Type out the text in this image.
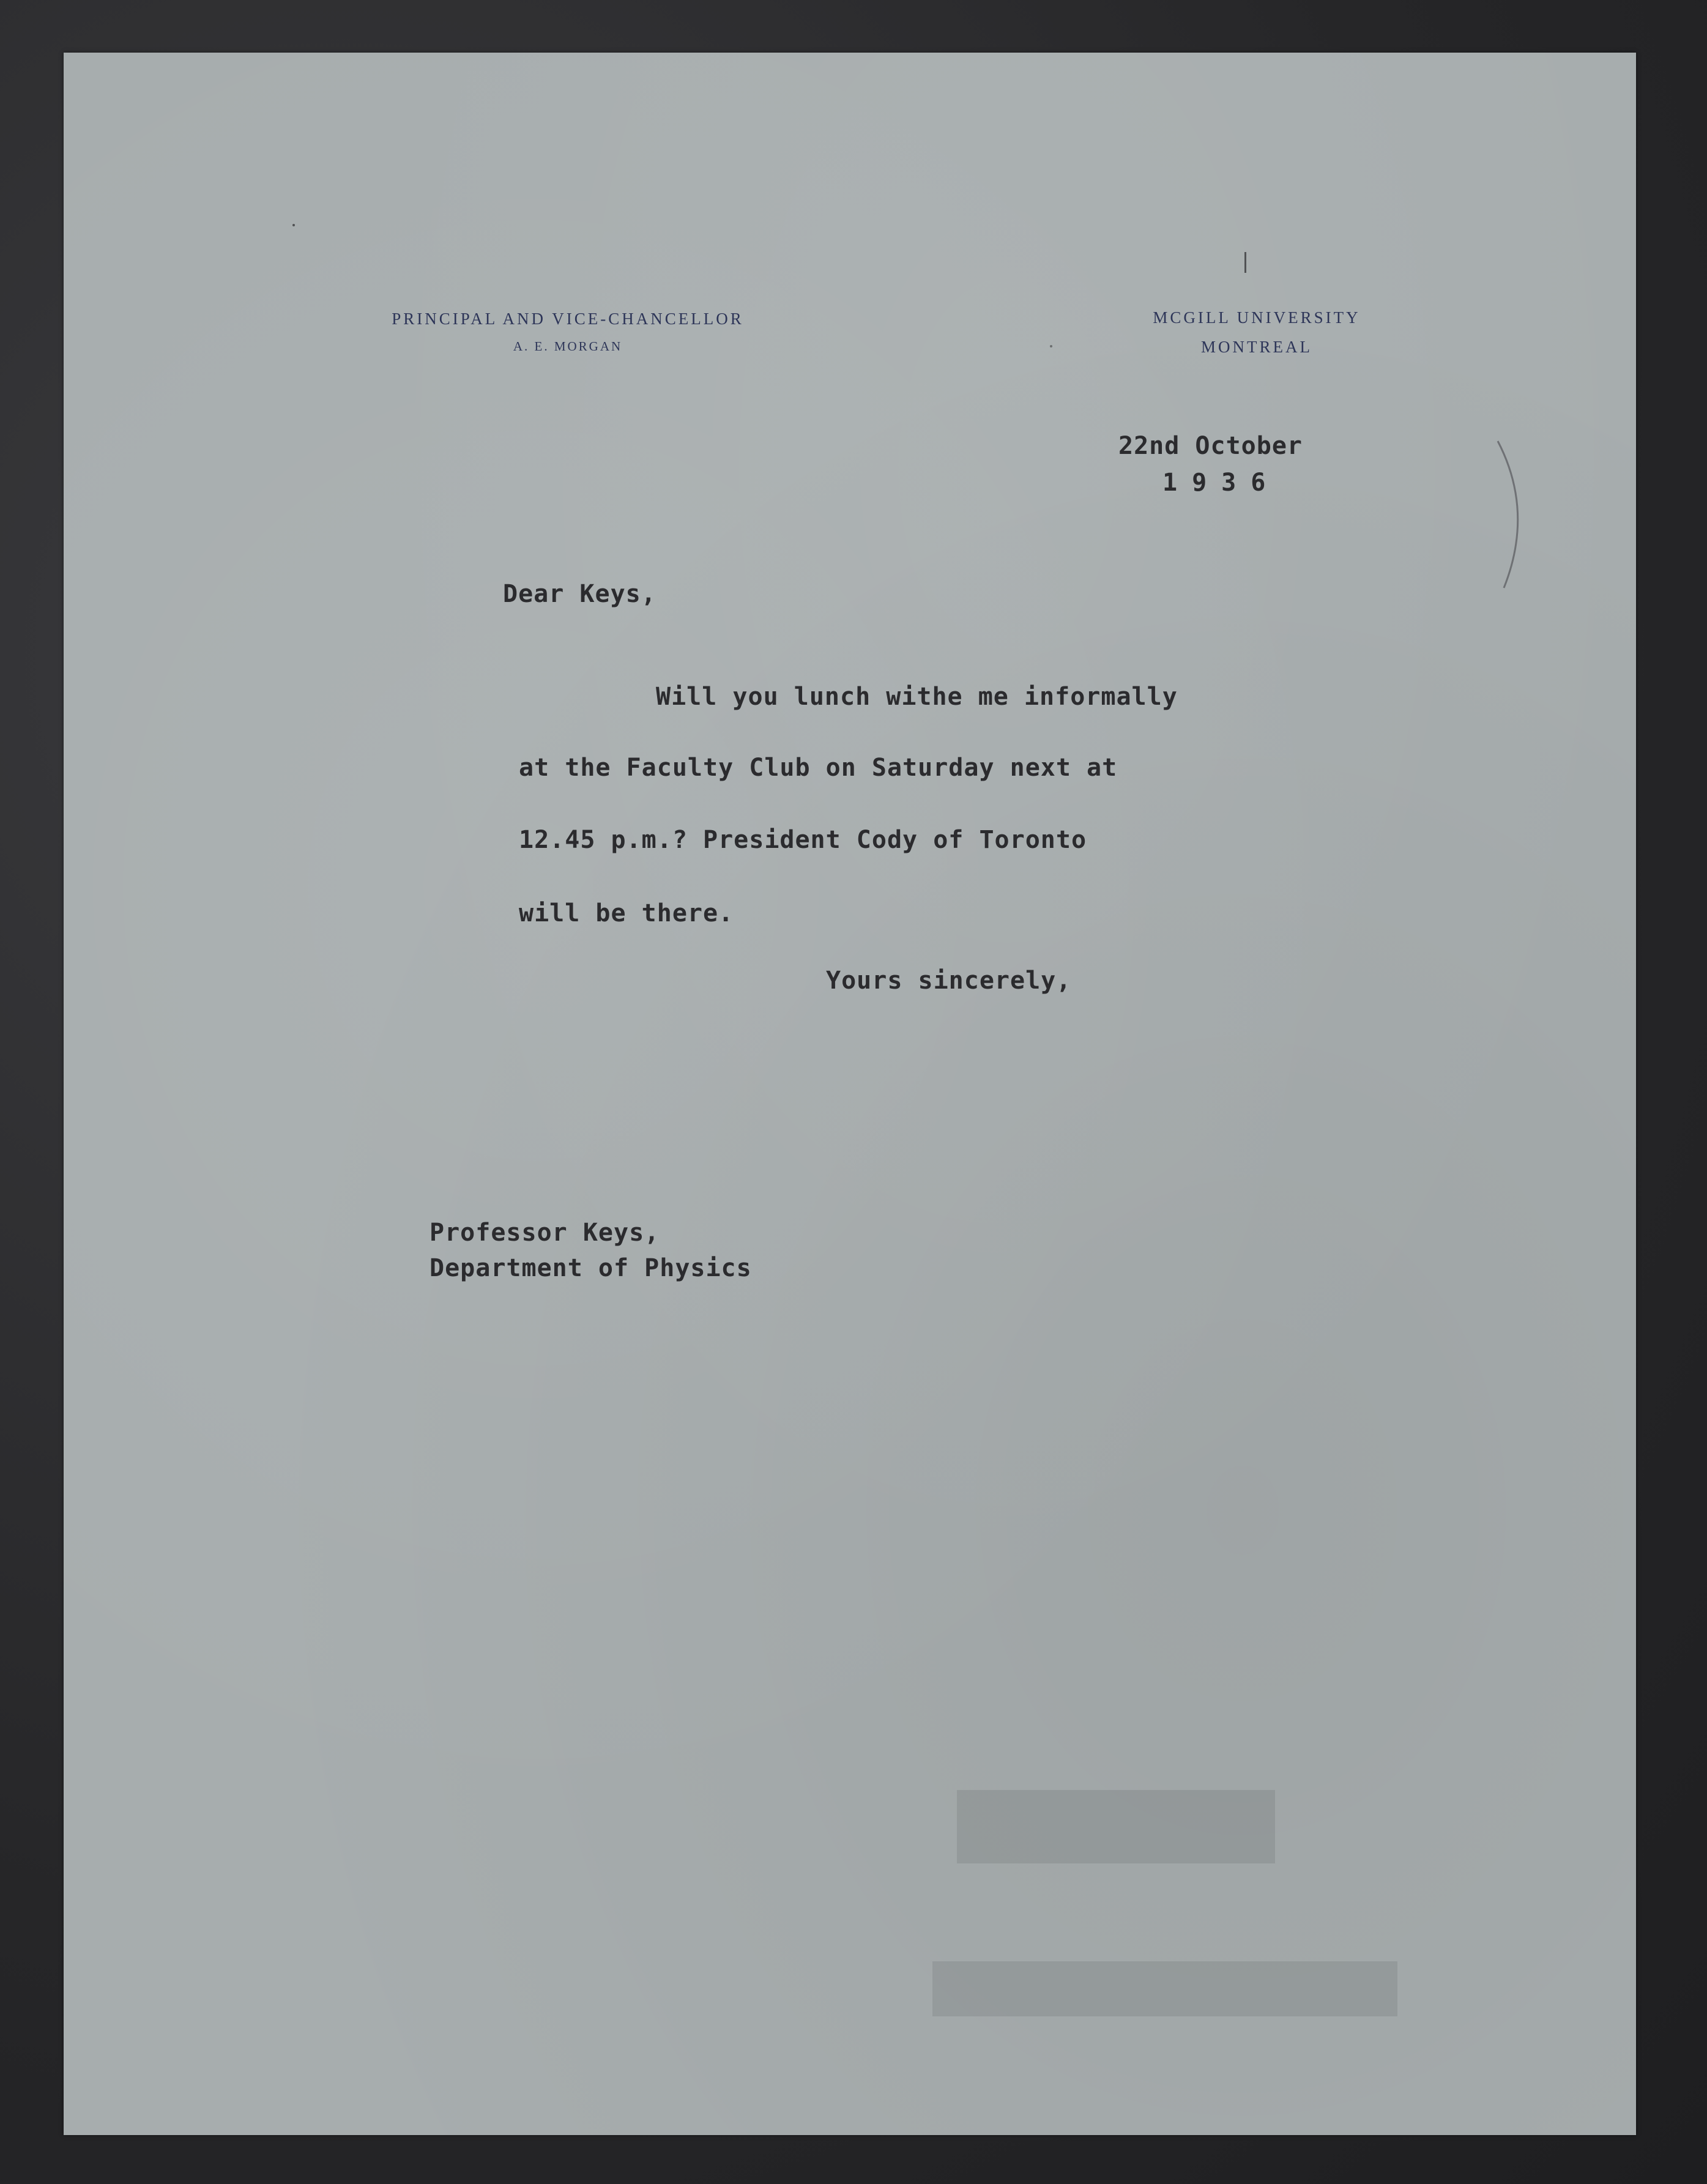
PRINCIPAL AND VICE-CHANCELLOR
A. E. MORGAN
MCGILL UNIVERSITY
MONTREAL
22nd October
1936
Dear Keys,
Will you lunch withe me informally
at the Faculty Club on Saturday next at
12.45 p.m.? President Cody of Toronto
will be there.
Yours sincerely,
Professor Keys,
Department of Physics
